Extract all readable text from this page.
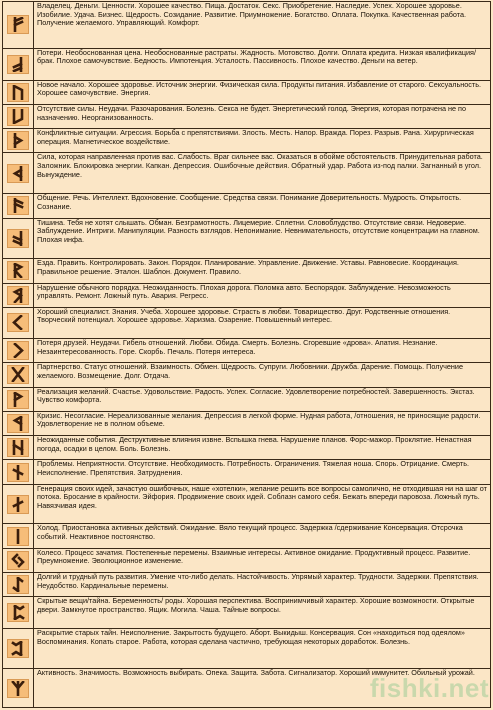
Владелец. Деньги. Ценности. Хорошее качество. Пища. Достаток. Секс. Приобретение. Наследие. Успех. Хорошее здоровье. Изобилие. Удача. Бизнес. Щедрость. Созидание. Развитие. Приумножение. Богатство. Оплата. Покупка. Качественная работа. Получение желаемого. Управляющий. Комфорт.
Потери. Необоснованная цена. Необоснованные растраты. Жадность. Мотовство. Долги. Оплата кредита. Низкая квалификация/брак. Плохое самочувствие. Бедность. Импотенция. Усталость. Пассивность. Плохое качество. Деньги на ветер.
Новое начало. Хорошее здоровье. Источник энергии. Физическая сила. Продукты питания. Избавление от старого. Сексуальность. Хорошее самочувствие. Энергия.
Отсутствие силы. Неудачи. Разочарования. Болезнь. Секса не будет. Энергетический голод. Энергия, которая потрачена не по назначению. Неорганизованность.
Конфликтные ситуации. Агрессия. Борьба с препятствиями. Злость. Месть. Напор. Вражда. Порез. Разрыв. Рана. Хирургическая операция. Магнетическое воздействие.
Сила, которая направленная против вас. Слабость. Враг сильнее вас. Оказаться в обойме обстоятельств. Принудительная работа. Заложник. Блокировка энергии. Капкан. Депрессия. Ошибочные действия. Обратный удар. Работа из-под палки. Загнанный в угол. Вынуждение.
Общение. Речь. Интеллект. Вдохновение. Сообщение. Средства связи. Понимание Доверительность. Мудрость. Открытость. Сознание.
Тишина. Тебя не хотят слышать. Обман. Безграмотность. Лицемерие. Сплетни. Словоблудство. Отсутствие связи. Недоверие. Заблуждение. Интриги. Манипуляции. Разность взглядов. Непонимание. Невнимательность, отсутствие концентрации на главном. Плохая инфа.
Езда. Править. Контролировать. Закон. Порядок. Планирование. Управление. Движение. Уставы. Равновесие. Координация. Правильное решение. Эталон. Шаблон. Документ. Правило.
Нарушение обычного порядка. Неожиданность. Плохая дорога. Поломка авто. Беспорядок. Заблуждение. Невозможность управлять. Ремонт. Ложный путь. Авария. Регресс.
Хороший специалист. Знания. Учеба. Хорошее здоровье. Страсть в любви. Товарищество. Друг. Родственные отношения. Творческий потенциал. Хорошее здоровье. Харизма. Озарение. Повышенный интерес.
Потеря друзей. Неудачи. Гибель отношений. Любви. Обида. Смерть. Болезнь. Сгоревшие «дрова». Апатия. Незнание. Незаинтересованность. Горе. Скорбь. Печаль. Потеря интереса.
Партнерство. Статус отношений. Взаимность. Обмен. Щедрость. Супруги. Любовники. Дружба. Дарение. Помощь. Получение желаемого. Возмещение. Долг. Отдача.
Реализация желаний. Счастье. Удовольствие. Радость. Успех. Согласие. Удовлетворение потребностей. Завершенность. Экстаз. Чувство комфорта.
Кризис. Несогласие. Нереализованные желания. Депрессия в легкой форме. Нудная работа, /отношения, не приносящие радости. Удовлетворение не в полном объеме.
Неожиданные события. Деструктивные влияния извне. Вспышка гнева. Нарушение планов. Форс-мажор. Проклятие. Ненастная погода, осадки в целом. Боль. Болезнь.
Проблемы. Неприятности. Отсутствие. Необходимость. Потребность. Ограничения. Тяжелая ноша. Спорь. Отрицание. Смерть. Неисполнение. Препятствия. Затруднения.
Генерация своих идей, зачастую ошибочных, наше «хотелки», желание решить все вопросы самолично, не отходившая ни на шаг от потока. Бросание в крайности. Эйфория. Продвижение своих идей. Соблазн самого себя. Бежать впереди паровоза. Ложный путь. Навязчивая идея.
Холод. Приостановка активных действий. Ожидание. Вяло текущий процесс. Задержка /сдерживание Консервация. Отсрочка событий. Неактивное постоянство.
Колесо. Процесс зачатия. Постепенные перемены. Взаимные интересы. Активное ожидание. Продуктивный процесс. Развитие. Преумножение. Эволюционное изменение.
Долгий и трудный путь развития. Умение что-либо делать. Настойчивость. Упрямый характер. Трудности. Задержки. Препятствия. Неудобство. Кардинальные перемены.
Скрытые вещи/тайна. Беременность/ роды. Хорошая перспектива. Воспринимчивый характер. Хорошие возможности. Открытые двери. Замкнутое пространство. Ящик. Могила. Чаша. Тайные вопросы.
Раскрытие старых тайн. Неисполнение. Закрытость будущего. Аборт. Выкидыш. Консервация. Сон «находиться под одеялом» Воспоминания. Копать старое. Работа, которая сделана частично, требующая некоторых доработок. Болезнь.
Активность. Значимость. Возможность выбирать. Опека. Защита. Забота. Сигнализатор. Хороший иммунитет. Обильный урожай.
fishki.net
